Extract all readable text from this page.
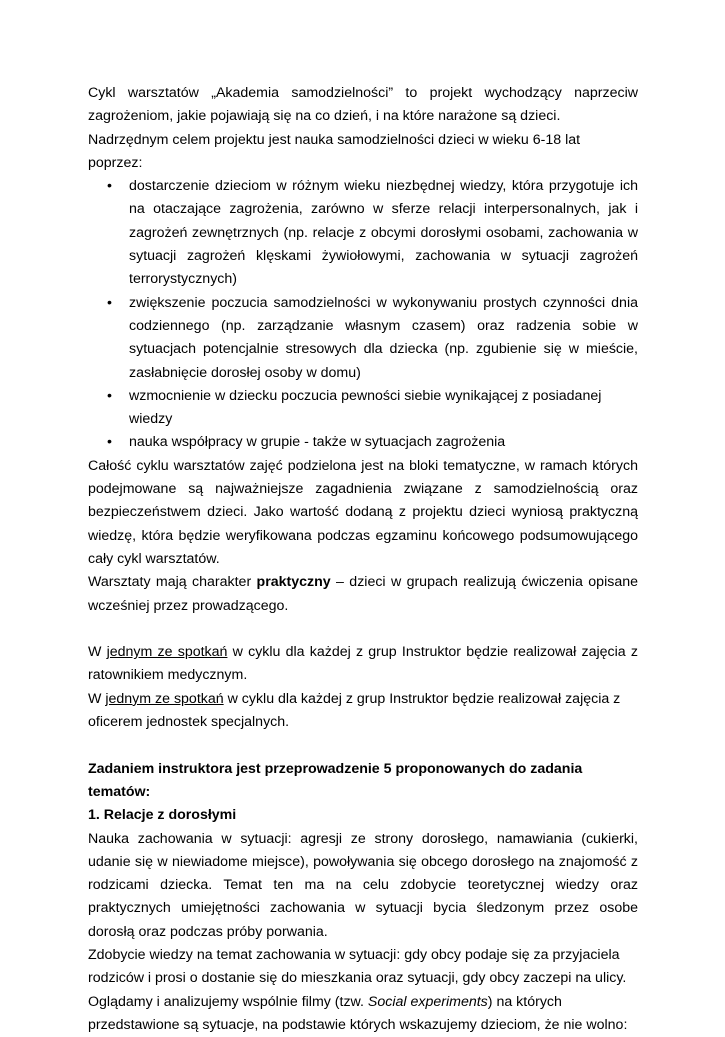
Cykl warsztatów „Akademia samodzielności” to projekt wychodzący naprzeciw zagrożeniom, jakie pojawiają się na co dzień, i na które narażone są dzieci.

Nadrzędnym celem projektu jest nauka samodzielności dzieci w wieku 6-18 lat poprzez:

• dostarczenie dzieciom w różnym wieku niezbędnej wiedzy, która przygotuje ich na otaczające zagrożenia, zarówno w sferze relacji interpersonalnych, jak i zagrożeń zewnętrznych (np. relacje z obcymi dorosłymi osobami, zachowania w sytuacji zagrożeń klęskami żywiołowymi, zachowania w sytuacji zagrożeń terrorystycznych)
• zwiększenie poczucia samodzielności w wykonywaniu prostych czynności dnia codziennego (np. zarządzanie własnym czasem) oraz radzenia sobie w sytuacjach potencjalnie stresowych dla dziecka (np. zgubienie się w mieście, zasłabnięcie dorosłej osoby w domu)
• wzmocnienie w dziecku poczucia pewności siebie wynikającej z posiadanej wiedzy
• nauka współpracy w grupie - także w sytuacjach zagrożenia

Całość cyklu warsztatów zajęć podzielona jest na bloki tematyczne, w ramach których podejmowane są najważniejsze zagadnienia związane z samodzielnością oraz bezpieczeństwem dzieci. Jako wartość dodaną z projektu dzieci wyniosą praktyczną wiedzę, która będzie weryfikowana podczas egzaminu końcowego podsumowującego cały cykl warsztatów.

Warsztaty mają charakter praktyczny – dzieci w grupach realizują ćwiczenia opisane wcześniej przez prowadzącego.

W jednym ze spotkań w cyklu dla każdej z grup Instruktor będzie realizował zajęcia z ratownikiem medycznym.

W jednym ze spotkań w cyklu dla każdej z grup Instruktor będzie realizował zajęcia z oficerem jednostek specjalnych.

Zadaniem instruktora jest przeprowadzenie 5 proponowanych do zadania tematów:

1. Relacje z dorosłymi

Nauka zachowania w sytuacji: agresji ze strony dorosłego, namawiania (cukierki, udanie się w niewiadome miejsce), powoływania się obcego dorosłego na znajomość z rodzicami dziecka. Temat ten ma na celu zdobycie teoretycznej wiedzy oraz praktycznych umiejętności zachowania w sytuacji bycia śledzonym przez osobe dorosłą oraz podczas próby porwania.

Zdobycie wiedzy na temat zachowania w sytuacji: gdy obcy podaje się za przyjaciela rodziców i prosi o dostanie się do mieszkania oraz sytuacji, gdy obcy zaczepi na ulicy.

Oglądamy i analizujemy wspólnie filmy (tzw. Social experiments) na których przedstawione są sytuacje, na podstawie których wskazujemy dzieciom, że nie wolno:
